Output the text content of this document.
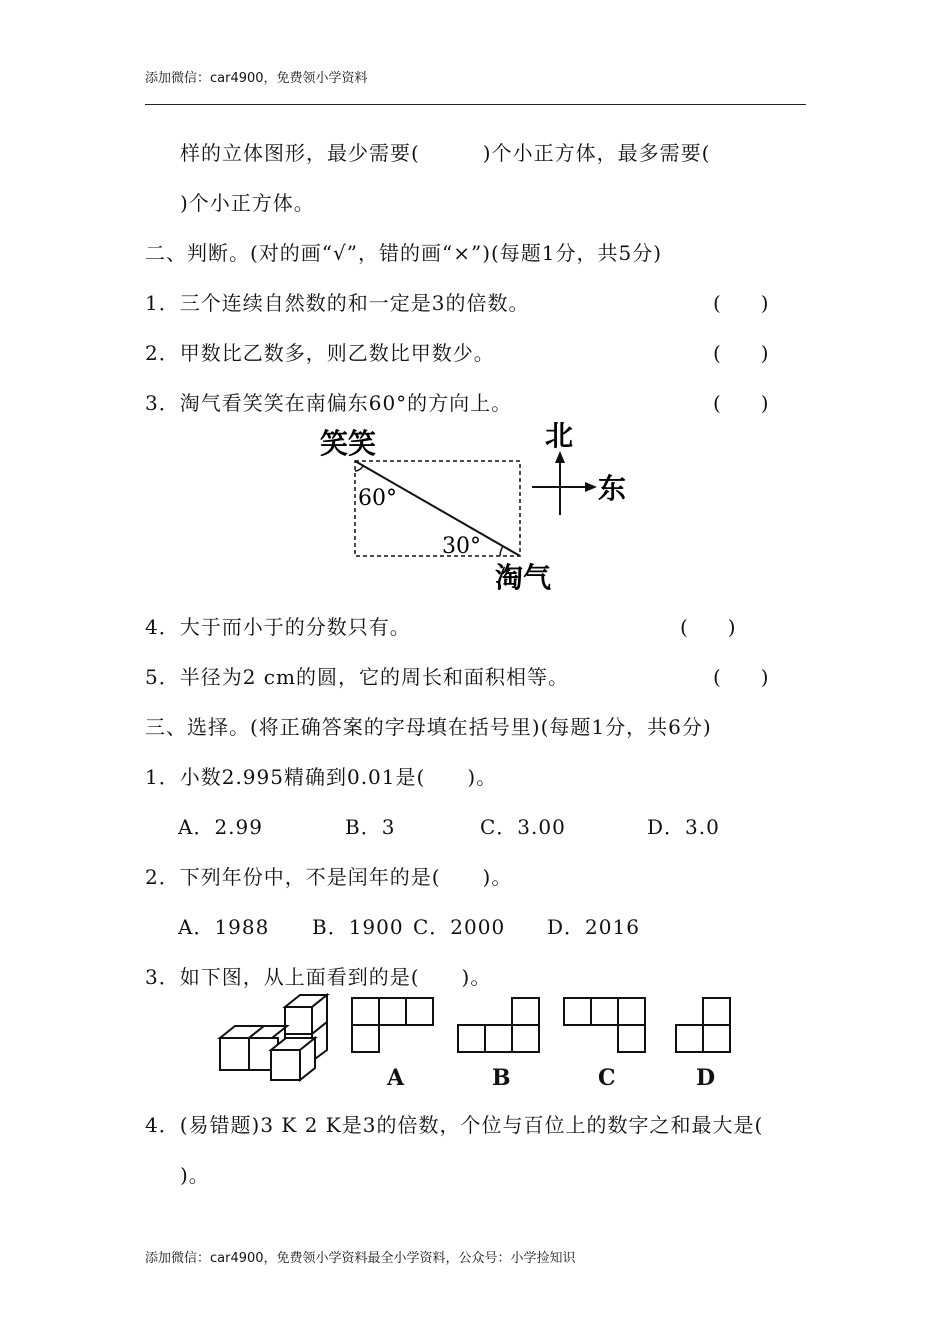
添加微信：car4900，免费领小学资料
样的立体图形，最少需要(　　　)个小正方体，最多需要(
)个小正方体。
二、判断。(对的画“√”，错的画“×”)(每题1分，共5分)
1．三个连续自然数的和一定是3的倍数。	(　　)
2．甲数比乙数多，则乙数比甲数少。	(　　)
3．淘气看笑笑在南偏东60°的方向上。	(　　)
笑笑
60°
30°
淘气
北
东
4．大于而小于的分数只有。	(　　)
5．半径为2 cm的圆，它的周长和面积相等。	(　　)
三、选择。(将正确答案的字母填在括号里)(每题1分，共6分)
1．小数2.995精确到0.01是(　　)。
A．2.99	B．3	C．3.00	D．3.0
2．下列年份中，不是闰年的是(　　)。
A．1988 B．1900 C．2000 D．2016
3．如下图，从上面看到的是(　　)。
A	B	C	D
4．(易错题)3 K 2 K是3的倍数，个位与百位上的数字之和最大是(
)。
添加微信：car4900，免费领小学资料最全小学资料，公众号：小学捡知识
